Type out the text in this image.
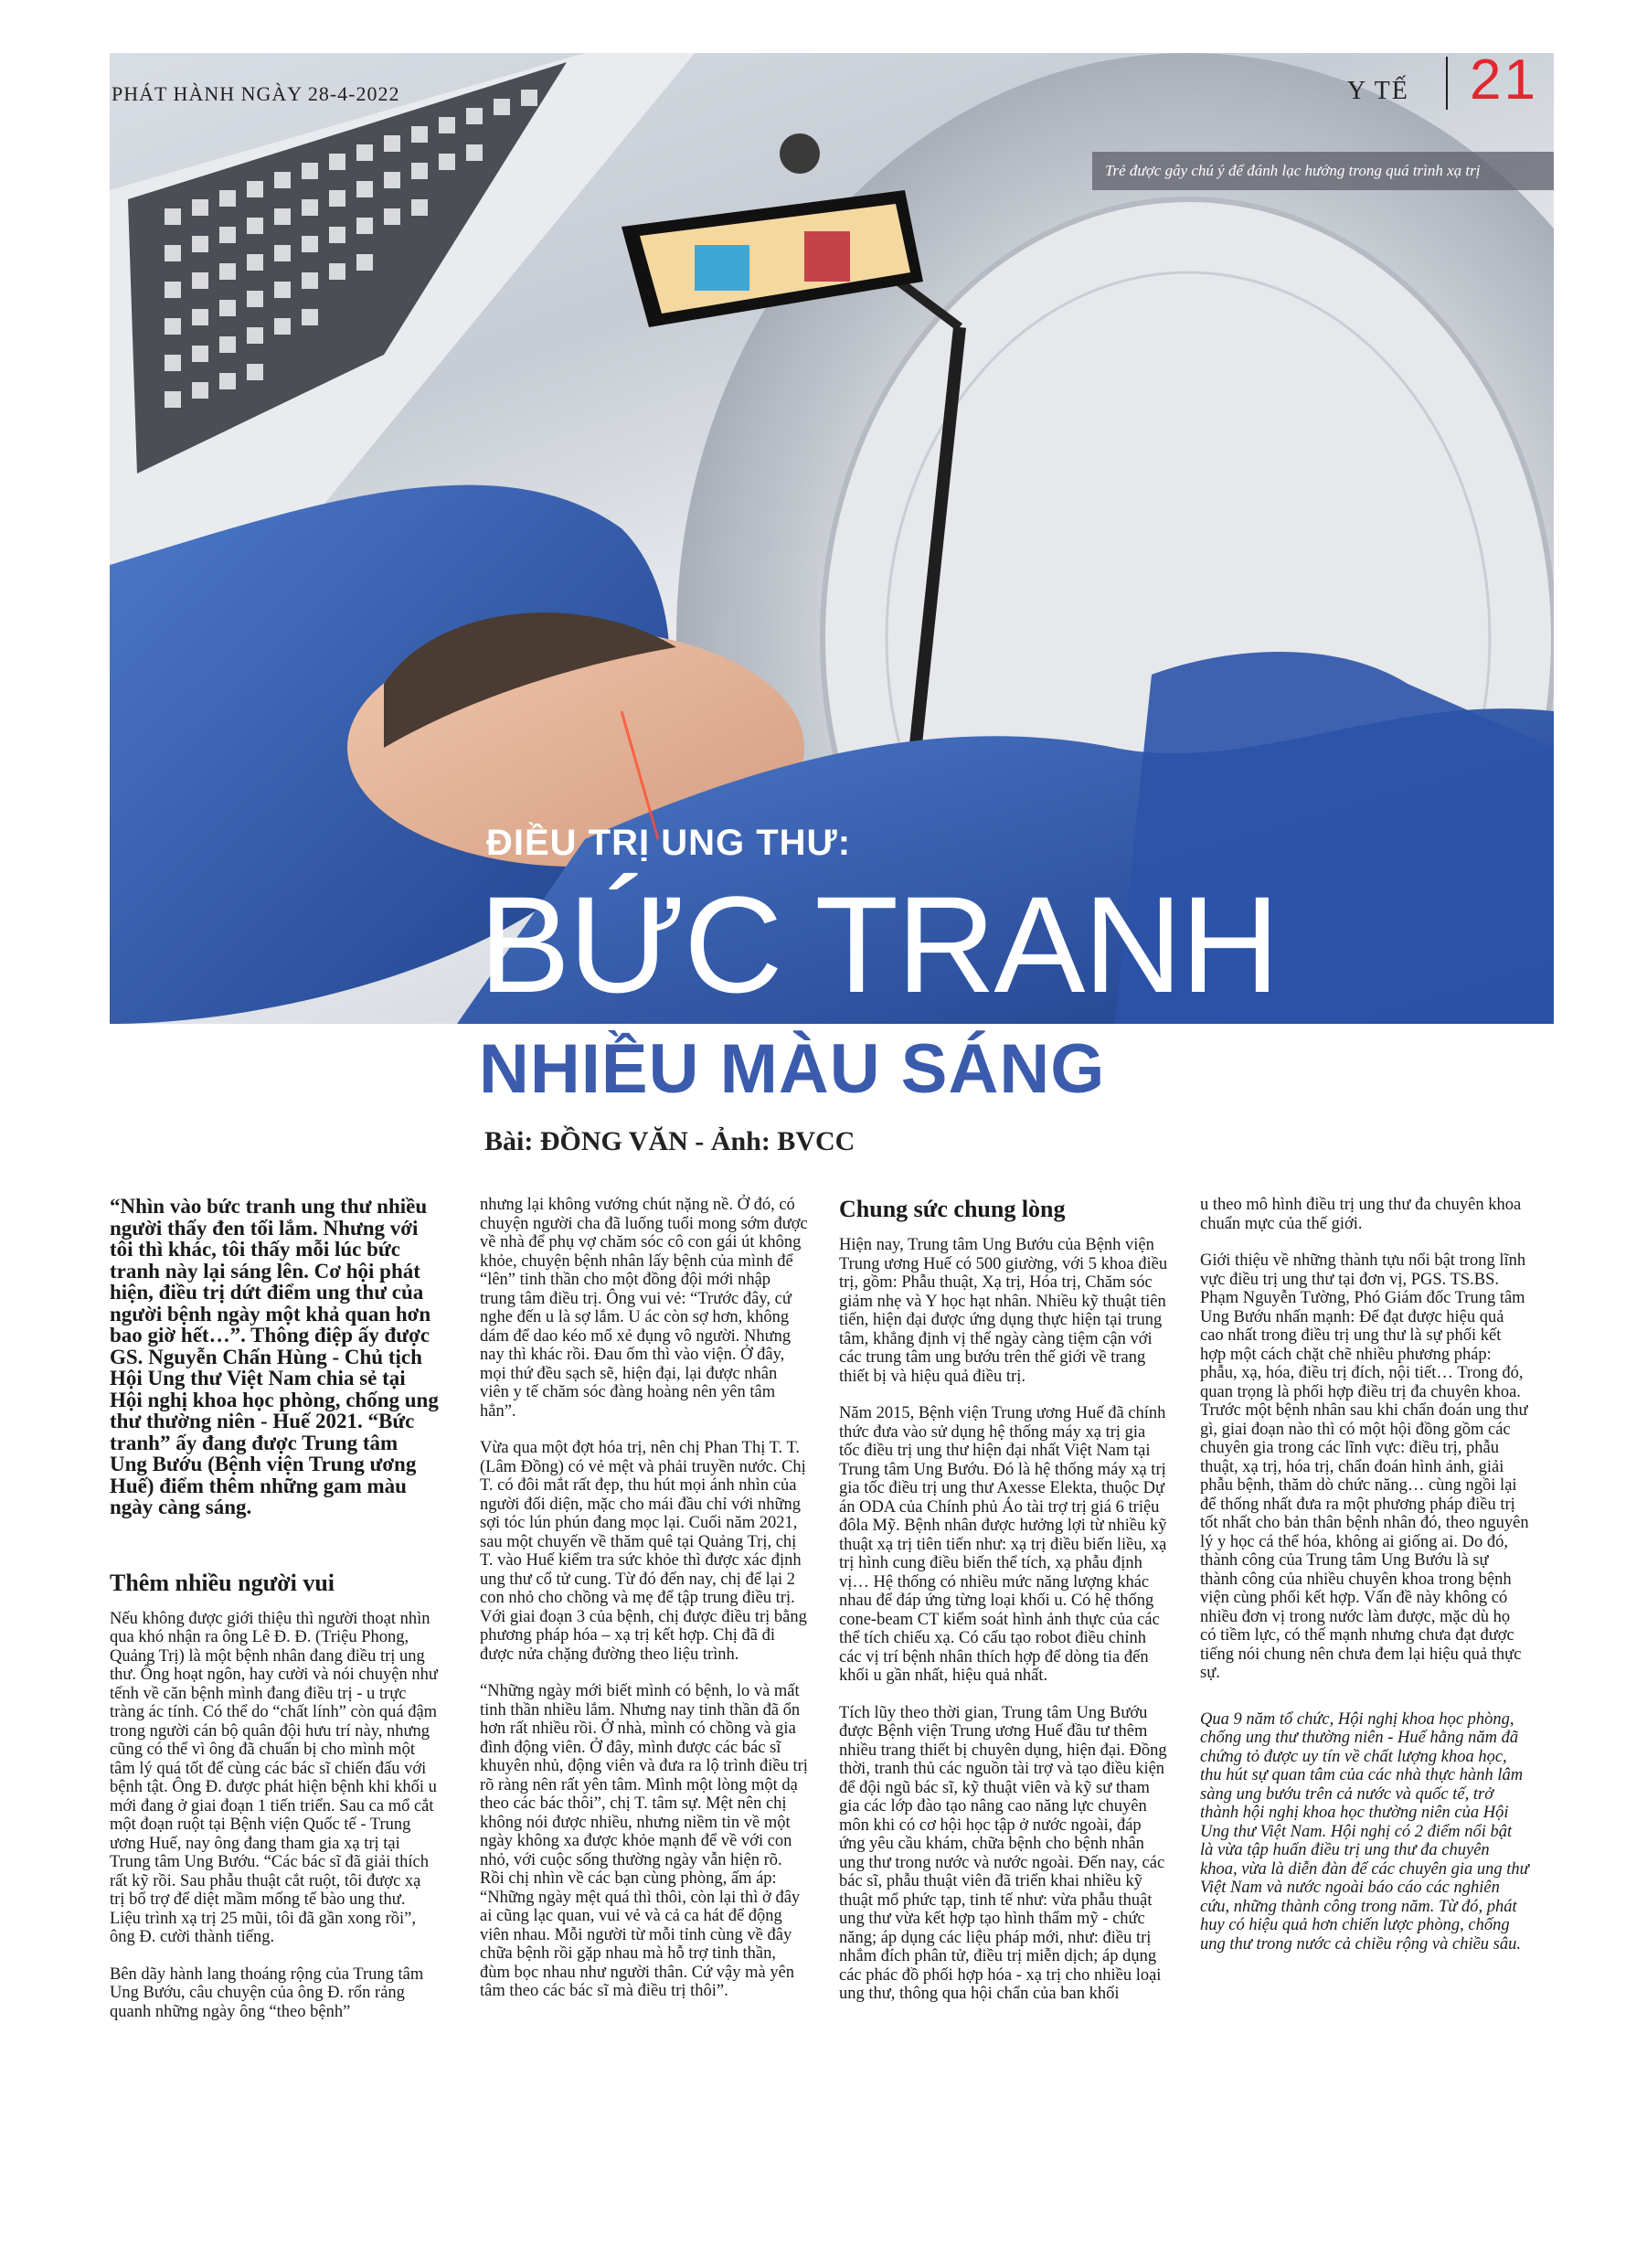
Trẻ được gây chú ý để đánh lạc hướng trong quá trình xạ trị
PHÁT HÀNH NGÀY 28-4-2022	Y TẾ 21
ĐIỀU TRỊ UNG THƯ:
BỨC TRANH
NHIỀU MÀU SÁNG
Bài: ĐỒNG VĂN - Ảnh: BVCC

“Nhìn vào bức tranh ung thư nhiều người thấy đen tối lắm. Nhưng với tôi thì khác, tôi thấy mỗi lúc bức tranh này lại sáng lên. Cơ hội phát hiện, điều trị dứt điểm ung thư của người bệnh ngày một khả quan hơn bao giờ hết…”. Thông điệp ấy được GS. Nguyễn Chấn Hùng - Chủ tịch Hội Ung thư Việt Nam chia sẻ tại Hội nghị khoa học phòng, chống ung thư thường niên - Huế 2021. “Bức tranh” ấy đang được Trung tâm Ung Bướu (Bệnh viện Trung ương Huế) điểm thêm những gam màu ngày càng sáng.

Thêm nhiều người vui

Nếu không được giới thiệu thì người thoạt nhìn qua khó nhận ra ông Lê Đ. Đ. (Triệu Phong, Quảng Trị) là một bệnh nhân đang điều trị ung thư. Ông hoạt ngôn, hay cười và nói chuyện như tếnh về căn bệnh mình đang điều trị - u trực tràng ác tính. Có thể do “chất lính” còn quá đậm trong người cán bộ quân đội hưu trí này, nhưng cũng có thể vì ông đã chuẩn bị cho mình một tâm lý quá tốt để cùng các bác sĩ chiến đấu với bệnh tật. Ông Đ. được phát hiện bệnh khi khối u mới đang ở giai đoạn 1 tiến triển. Sau ca mổ cắt một đoạn ruột tại Bệnh viện Quốc tế - Trung ương Huế, nay ông đang tham gia xạ trị tại Trung tâm Ung Bướu. “Các bác sĩ đã giải thích rất kỹ rồi. Sau phẫu thuật cắt ruột, tôi được xạ trị bổ trợ để diệt mầm mống tế bào ung thư. Liệu trình xạ trị 25 mũi, tôi đã gần xong rồi”, ông Đ. cười thành tiếng.

Bên dãy hành lang thoáng rộng của Trung tâm Ung Bướu, câu chuyện của ông Đ. rổn rảng quanh những ngày ông “theo bệnh”

nhưng lại không vướng chút nặng nề. Ở đó, có chuyện người cha đã luống tuổi mong sớm được về nhà để phụ vợ chăm sóc cô con gái út không khỏe, chuyện bệnh nhân lấy bệnh của mình để “lên” tinh thần cho một đồng đội mới nhập trung tâm điều trị. Ông vui vẻ: “Trước đây, cứ nghe đến u là sợ lắm. U ác còn sợ hơn, không dám để dao kéo mổ xẻ đụng vô người. Nhưng nay thì khác rồi. Đau ốm thì vào viện. Ở đây, mọi thứ đều sạch sẽ, hiện đại, lại được nhân viên y tế chăm sóc đàng hoàng nên yên tâm hẳn”.

Vừa qua một đợt hóa trị, nên chị Phan Thị T. T. (Lâm Đồng) có vẻ mệt và phải truyền nước. Chị T. có đôi mắt rất đẹp, thu hút mọi ánh nhìn của người đối diện, mặc cho mái đầu chỉ với những sợi tóc lún phún đang mọc lại. Cuối năm 2021, sau một chuyến về thăm quê tại Quảng Trị, chị T. vào Huế kiểm tra sức khỏe thì được xác định ung thư cổ tử cung. Từ đó đến nay, chị để lại 2 con nhỏ cho chồng và mẹ để tập trung điều trị. Với giai đoạn 3 của bệnh, chị được điều trị bằng phương pháp hóa – xạ trị kết hợp. Chị đã đi được nửa chặng đường theo liệu trình.

“Những ngày mới biết mình có bệnh, lo và mất tinh thần nhiều lắm. Nhưng nay tinh thần đã ổn hơn rất nhiều rồi. Ở nhà, mình có chồng và gia đình động viên. Ở đây, mình được các bác sĩ khuyên nhủ, động viên và đưa ra lộ trình điều trị rõ ràng nên rất yên tâm. Mình một lòng một dạ theo các bác thôi”, chị T. tâm sự. Mệt nên chị không nói được nhiều, nhưng niềm tin về một ngày không xa được khỏe mạnh để về với con nhỏ, với cuộc sống thường ngày vẫn hiện rõ. Rồi chị nhìn về các bạn cùng phòng, ấm áp: “Những ngày mệt quá thì thôi, còn lại thì ở đây ai cũng lạc quan, vui vẻ và cả ca hát để động viên nhau. Mỗi người từ mỗi tỉnh cùng về đây chữa bệnh rồi gặp nhau mà hỗ trợ tinh thần, đùm bọc nhau như người thân. Cứ vậy mà yên tâm theo các bác sĩ mà điều trị thôi”.

Chung sức chung lòng

Hiện nay, Trung tâm Ung Bướu của Bệnh viện Trung ương Huế có 500 giường, với 5 khoa điều trị, gồm: Phẫu thuật, Xạ trị, Hóa trị, Chăm sóc giảm nhẹ và Y học hạt nhân. Nhiều kỹ thuật tiên tiến, hiện đại được ứng dụng thực hiện tại trung tâm, khẳng định vị thế ngày càng tiệm cận với các trung tâm ung bướu trên thế giới về trang thiết bị và hiệu quả điều trị.

Năm 2015, Bệnh viện Trung ương Huế đã chính thức đưa vào sử dụng hệ thống máy xạ trị gia tốc điều trị ung thư hiện đại nhất Việt Nam tại Trung tâm Ung Bướu. Đó là hệ thống máy xạ trị gia tốc điều trị ung thư Axesse Elekta, thuộc Dự án ODA của Chính phủ Áo tài trợ trị giá 6 triệu đôla Mỹ. Bệnh nhân được hưởng lợi từ nhiều kỹ thuật xạ trị tiên tiến như: xạ trị điều biến liều, xạ trị hình cung điều biến thể tích, xạ phẫu định vị… Hệ thống có nhiều mức năng lượng khác nhau để đáp ứng từng loại khối u. Có hệ thống cone-beam CT kiểm soát hình ảnh thực của các thể tích chiếu xạ. Có cấu tạo robot điều chỉnh các vị trí bệnh nhân thích hợp để dòng tia đến khối u gần nhất, hiệu quả nhất.

Tích lũy theo thời gian, Trung tâm Ung Bướu được Bệnh viện Trung ương Huế đầu tư thêm nhiều trang thiết bị chuyên dụng, hiện đại. Đồng thời, tranh thủ các nguồn tài trợ và tạo điều kiện để đội ngũ bác sĩ, kỹ thuật viên và kỹ sư tham gia các lớp đào tạo nâng cao năng lực chuyên môn khi có cơ hội học tập ở nước ngoài, đáp ứng yêu cầu khám, chữa bệnh cho bệnh nhân ung thư trong nước và nước ngoài. Đến nay, các bác sĩ, phẫu thuật viên đã triển khai nhiều kỹ thuật mổ phức tạp, tinh tế như: vừa phẫu thuật ung thư vừa kết hợp tạo hình thẩm mỹ - chức năng; áp dụng các liệu pháp mới, như: điều trị nhắm đích phân tử, điều trị miễn dịch; áp dụng các phác đồ phối hợp hóa - xạ trị cho nhiều loại ung thư, thông qua hội chẩn của ban khối

u theo mô hình điều trị ung thư đa chuyên khoa chuẩn mực của thế giới.

Giới thiệu về những thành tựu nổi bật trong lĩnh vực điều trị ung thư tại đơn vị, PGS. TS.BS. Phạm Nguyễn Tường, Phó Giám đốc Trung tâm Ung Bướu nhấn mạnh: Để đạt được hiệu quả cao nhất trong điều trị ung thư là sự phối kết hợp một cách chặt chẽ nhiều phương pháp: phẫu, xạ, hóa, điều trị đích, nội tiết… Trong đó, quan trọng là phối hợp điều trị đa chuyên khoa. Trước một bệnh nhân sau khi chẩn đoán ung thư gì, giai đoạn nào thì có một hội đồng gồm các chuyên gia trong các lĩnh vực: điều trị, phẫu thuật, xạ trị, hóa trị, chẩn đoán hình ảnh, giải phẫu bệnh, thăm dò chức năng… cùng ngồi lại để thống nhất đưa ra một phương pháp điều trị tốt nhất cho bản thân bệnh nhân đó, theo nguyên lý y học cá thể hóa, không ai giống ai. Do đó, thành công của Trung tâm Ung Bướu là sự thành công của nhiều chuyên khoa trong bệnh viện cùng phối kết hợp. Vấn đề này không có nhiều đơn vị trong nước làm được, mặc dù họ có tiềm lực, có thế mạnh nhưng chưa đạt được tiếng nói chung nên chưa đem lại hiệu quả thực sự.

Qua 9 năm tổ chức, Hội nghị khoa học phòng, chống ung thư thường niên - Huế hằng năm đã chứng tỏ được uy tín về chất lượng khoa học, thu hút sự quan tâm của các nhà thực hành lâm sàng ung bướu trên cả nước và quốc tế, trở thành hội nghị khoa học thường niên của Hội Ung thư Việt Nam. Hội nghị có 2 điểm nổi bật là vừa tập huấn điều trị ung thư đa chuyên khoa, vừa là diễn đàn để các chuyên gia ung thư Việt Nam và nước ngoài báo cáo các nghiên cứu, những thành công trong năm. Từ đó, phát huy có hiệu quả hơn chiến lược phòng, chống ung thư trong nước cả chiều rộng và chiều sâu.
